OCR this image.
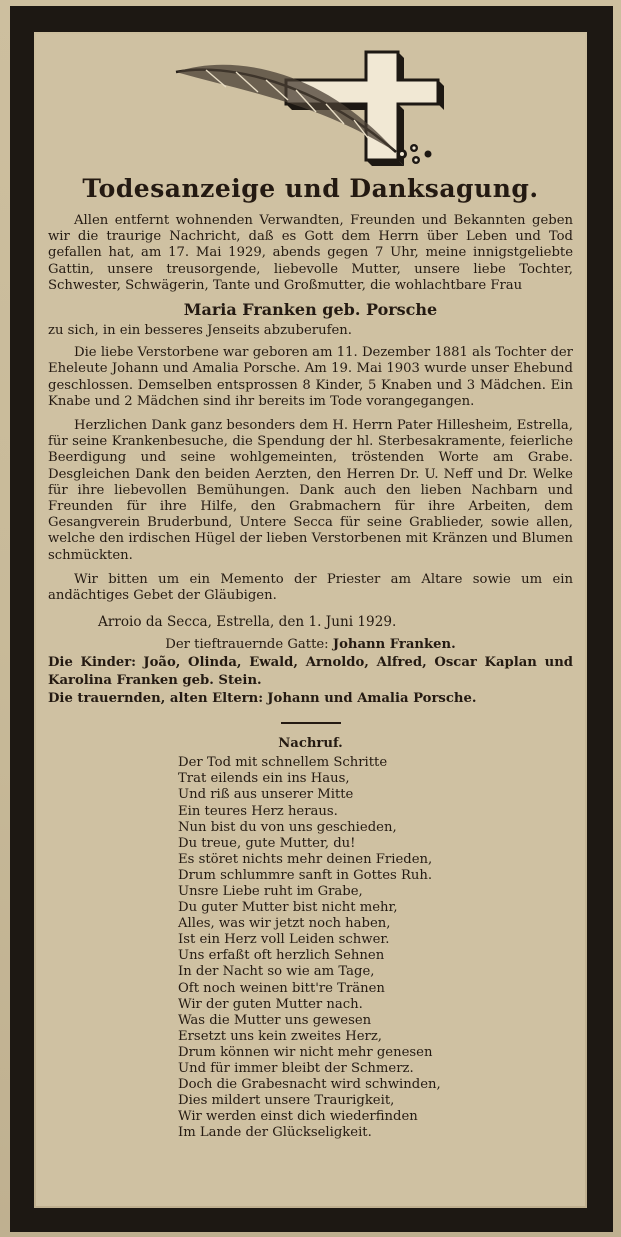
Todesanzeige und Danksagung.

Allen entfernt wohnenden Verwandten, Freunden und Bekannten geben wir die traurige Nachricht, daß es Gott dem Herrn über Leben und Tod gefallen hat, am 17. Mai 1929, abends gegen 7 Uhr, meine innigstgeliebte Gattin, unsere treusorgende, liebevolle Mutter, unsere liebe Tochter, Schwester, Schwägerin, Tante und Großmutter, die wohlachtbare Frau

Maria Franken geb. Porsche

zu sich, in ein besseres Jenseits abzuberufen.

Die liebe Verstorbene war geboren am 11. Dezember 1881 als Tochter der Eheleute Johann und Amalia Porsche. Am 19. Mai 1903 wurde unser Ehebund geschlossen. Demselben entsprossen 8 Kinder, 5 Knaben und 3 Mädchen. Ein Knabe und 2 Mädchen sind ihr bereits im Tode vorangegangen.

Herzlichen Dank ganz besonders dem H. Herrn Pater Hillesheim, Estrella, für seine Krankenbesuche, die Spendung der hl. Sterbesakramente, feierliche Beerdigung und seine wohlgemeinten, tröstenden Worte am Grabe. Desgleichen Dank den beiden Aerzten, den Herren Dr. U. Neff und Dr. Welke für ihre liebevollen Bemühungen. Dank auch den lieben Nachbarn und Freunden für ihre Hilfe, den Grabmachern für ihre Arbeiten, dem Gesangverein Bruderbund, Untere Secca für seine Grablieder, sowie allen, welche den irdischen Hügel der lieben Verstorbenen mit Kränzen und Blumen schmückten.

Wir bitten um ein Memento der Priester am Altare sowie um ein andächtiges Gebet der Gläubigen.

Arroio da Secca, Estrella, den 1. Juni 1929.
Der tieftrauernde Gatte: Johann Franken.
Die Kinder: João, Olinda, Ewald, Arnoldo, Alfred, Oscar Kaplan und Karolina Franken geb. Stein.
Die trauernden, alten Eltern: Johann und Amalia Porsche.
Nachruf.
Der Tod mit schnellem Schritte
Trat eilends ein ins Haus,
Und riß aus unserer Mitte
Ein teures Herz heraus.
Nun bist du von uns geschieden,
Du treue, gute Mutter, du!
Es störet nichts mehr deinen Frieden,
Drum schlummre sanft in Gottes Ruh.
Unsre Liebe ruht im Grabe,
Du guter Mutter bist nicht mehr,
Alles, was wir jetzt noch haben,
Ist ein Herz voll Leiden schwer.
Uns erfaßt oft herzlich Sehnen
In der Nacht so wie am Tage,
Oft noch weinen bitt're Tränen
Wir der guten Mutter nach.
Was die Mutter uns gewesen
Ersetzt uns kein zweites Herz,
Drum können wir nicht mehr genesen
Und für immer bleibt der Schmerz.
Doch die Grabesnacht wird schwinden,
Dies mildert unsere Traurigkeit,
Wir werden einst dich wiederfinden
Im Lande der Glückseligkeit.
